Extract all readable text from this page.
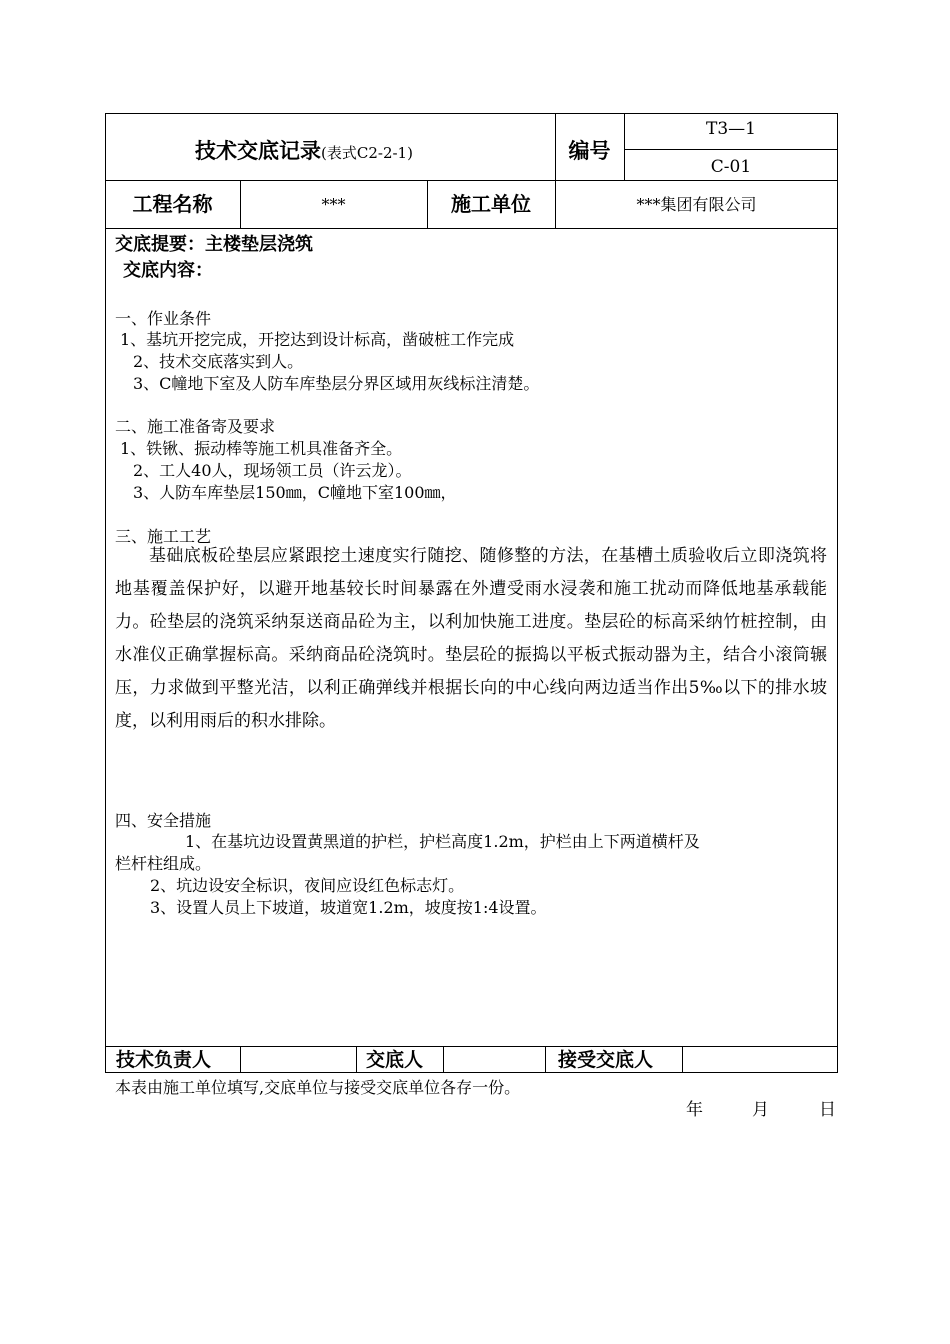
技术交底记录(表式C2-2-1)	编号
T3—1
C-01
工程名称	***	施工单位	***集团有限公司
交底提要：主楼垫层浇筑
交底内容：
一、作业条件
1、基坑开挖完成，开挖达到设计标高，凿破桩工作完成
2、技术交底落实到人。
3、C幢地下室及人防车库垫层分界区域用灰线标注清楚。
二、施工准备寄及要求
1、铁锹、振动棒等施工机具准备齐全。
2、工人40人，现场领工员（许云龙）。
3、人防车库垫层150㎜，C幢地下室100㎜，
三、施工工艺
基础底板砼垫层应紧跟挖土速度实行随挖、随修整的方法，在基槽土质验收后立即浇筑将地基覆盖保护好，以避开地基较长时间暴露在外遭受雨水浸袭和施工扰动而降低地基承载能力。砼垫层的浇筑采纳泵送商品砼为主，以利加快施工进度。垫层砼的标高采纳竹桩控制，由水准仪正确掌握标高。采纳商品砼浇筑时。垫层砼的振捣以平板式振动器为主，结合小滚筒辗压，力求做到平整光洁，以利正确弹线并根据长向的中心线向两边适当作出5‰以下的排水坡度，以利用雨后的积水排除。
四、安全措施
1、在基坑边设置黄黑道的护栏，护栏高度1.2m，护栏由上下两道横杆及
栏杆柱组成。
2、坑边设安全标识，夜间应设红色标志灯。
3、设置人员上下坡道，坡道宽1.2m，坡度按1:4设置。
技术负责人	交底人	接受交底人
本表由施工单位填写,交底单位与接受交底单位各存一份。
年	月	日
